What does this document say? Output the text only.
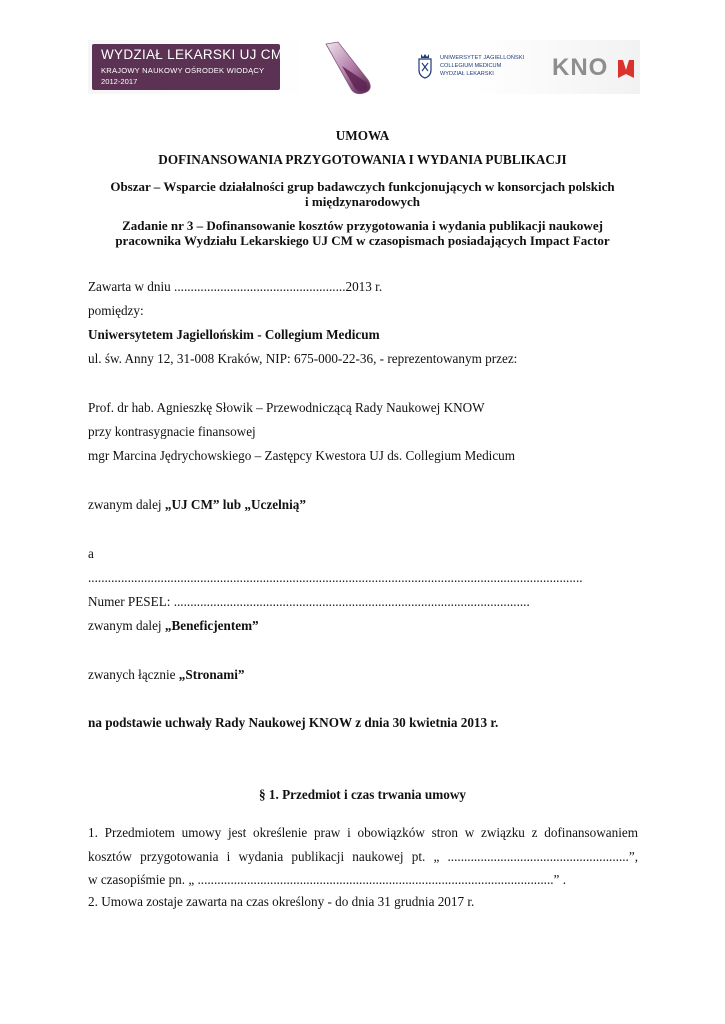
WYDZIAŁ LEKARSKI UJ CM
KRAJOWY NAUKOWY OŚRODEK WIODĄCY
2012-2017
UNIWERSYTET JAGIELLOŃSKI
COLLEGIUM MEDICUM
WYDZIAŁ LEKARSKI KNO
UMOWA
DOFINANSOWANIA PRZYGOTOWANIA I WYDANIA PUBLIKACJI
Obszar – Wsparcie działalności grup badawczych funkcjonujących w konsorcjach polskich
i międzynarodowych
Zadanie nr 3 – Dofinansowanie kosztów przygotowania i wydania publikacji naukowej
pracownika Wydziału Lekarskiego UJ CM w czasopismach posiadających Impact Factor
Zawarta w dniu ....................................................2013 r.
pomiędzy:
Uniwersytetem Jagiellońskim - Collegium Medicum
ul. św. Anny 12, 31-008 Kraków, NIP: 675-000-22-36, - reprezentowanym przez:
Prof. dr hab. Agnieszkę Słowik – Przewodniczącą Rady Naukowej KNOW
przy kontrasygnacie finansowej
mgr Marcina Jędrychowskiego – Zastępcy Kwestora UJ ds. Collegium Medicum
zwanym dalej „UJ CM” lub „Uczelnią”
a
......................................................................................................................................................
Numer PESEL: ............................................................................................................
zwanym dalej „Beneficjentem”
zwanych łącznie „Stronami”
na podstawie uchwały Rady Naukowej KNOW z dnia 30 kwietnia 2013 r.
§ 1. Przedmiot i czas trwania umowy
1. Przedmiotem umowy jest określenie praw i obowiązków stron w związku z dofinansowaniem
kosztów przygotowania i wydania publikacji naukowej pt. „ .......................................................”,
w czasopiśmie pn. „ ............................................................................................................” .
2. Umowa zostaje zawarta na czas określony - do dnia 31 grudnia 2017 r.
